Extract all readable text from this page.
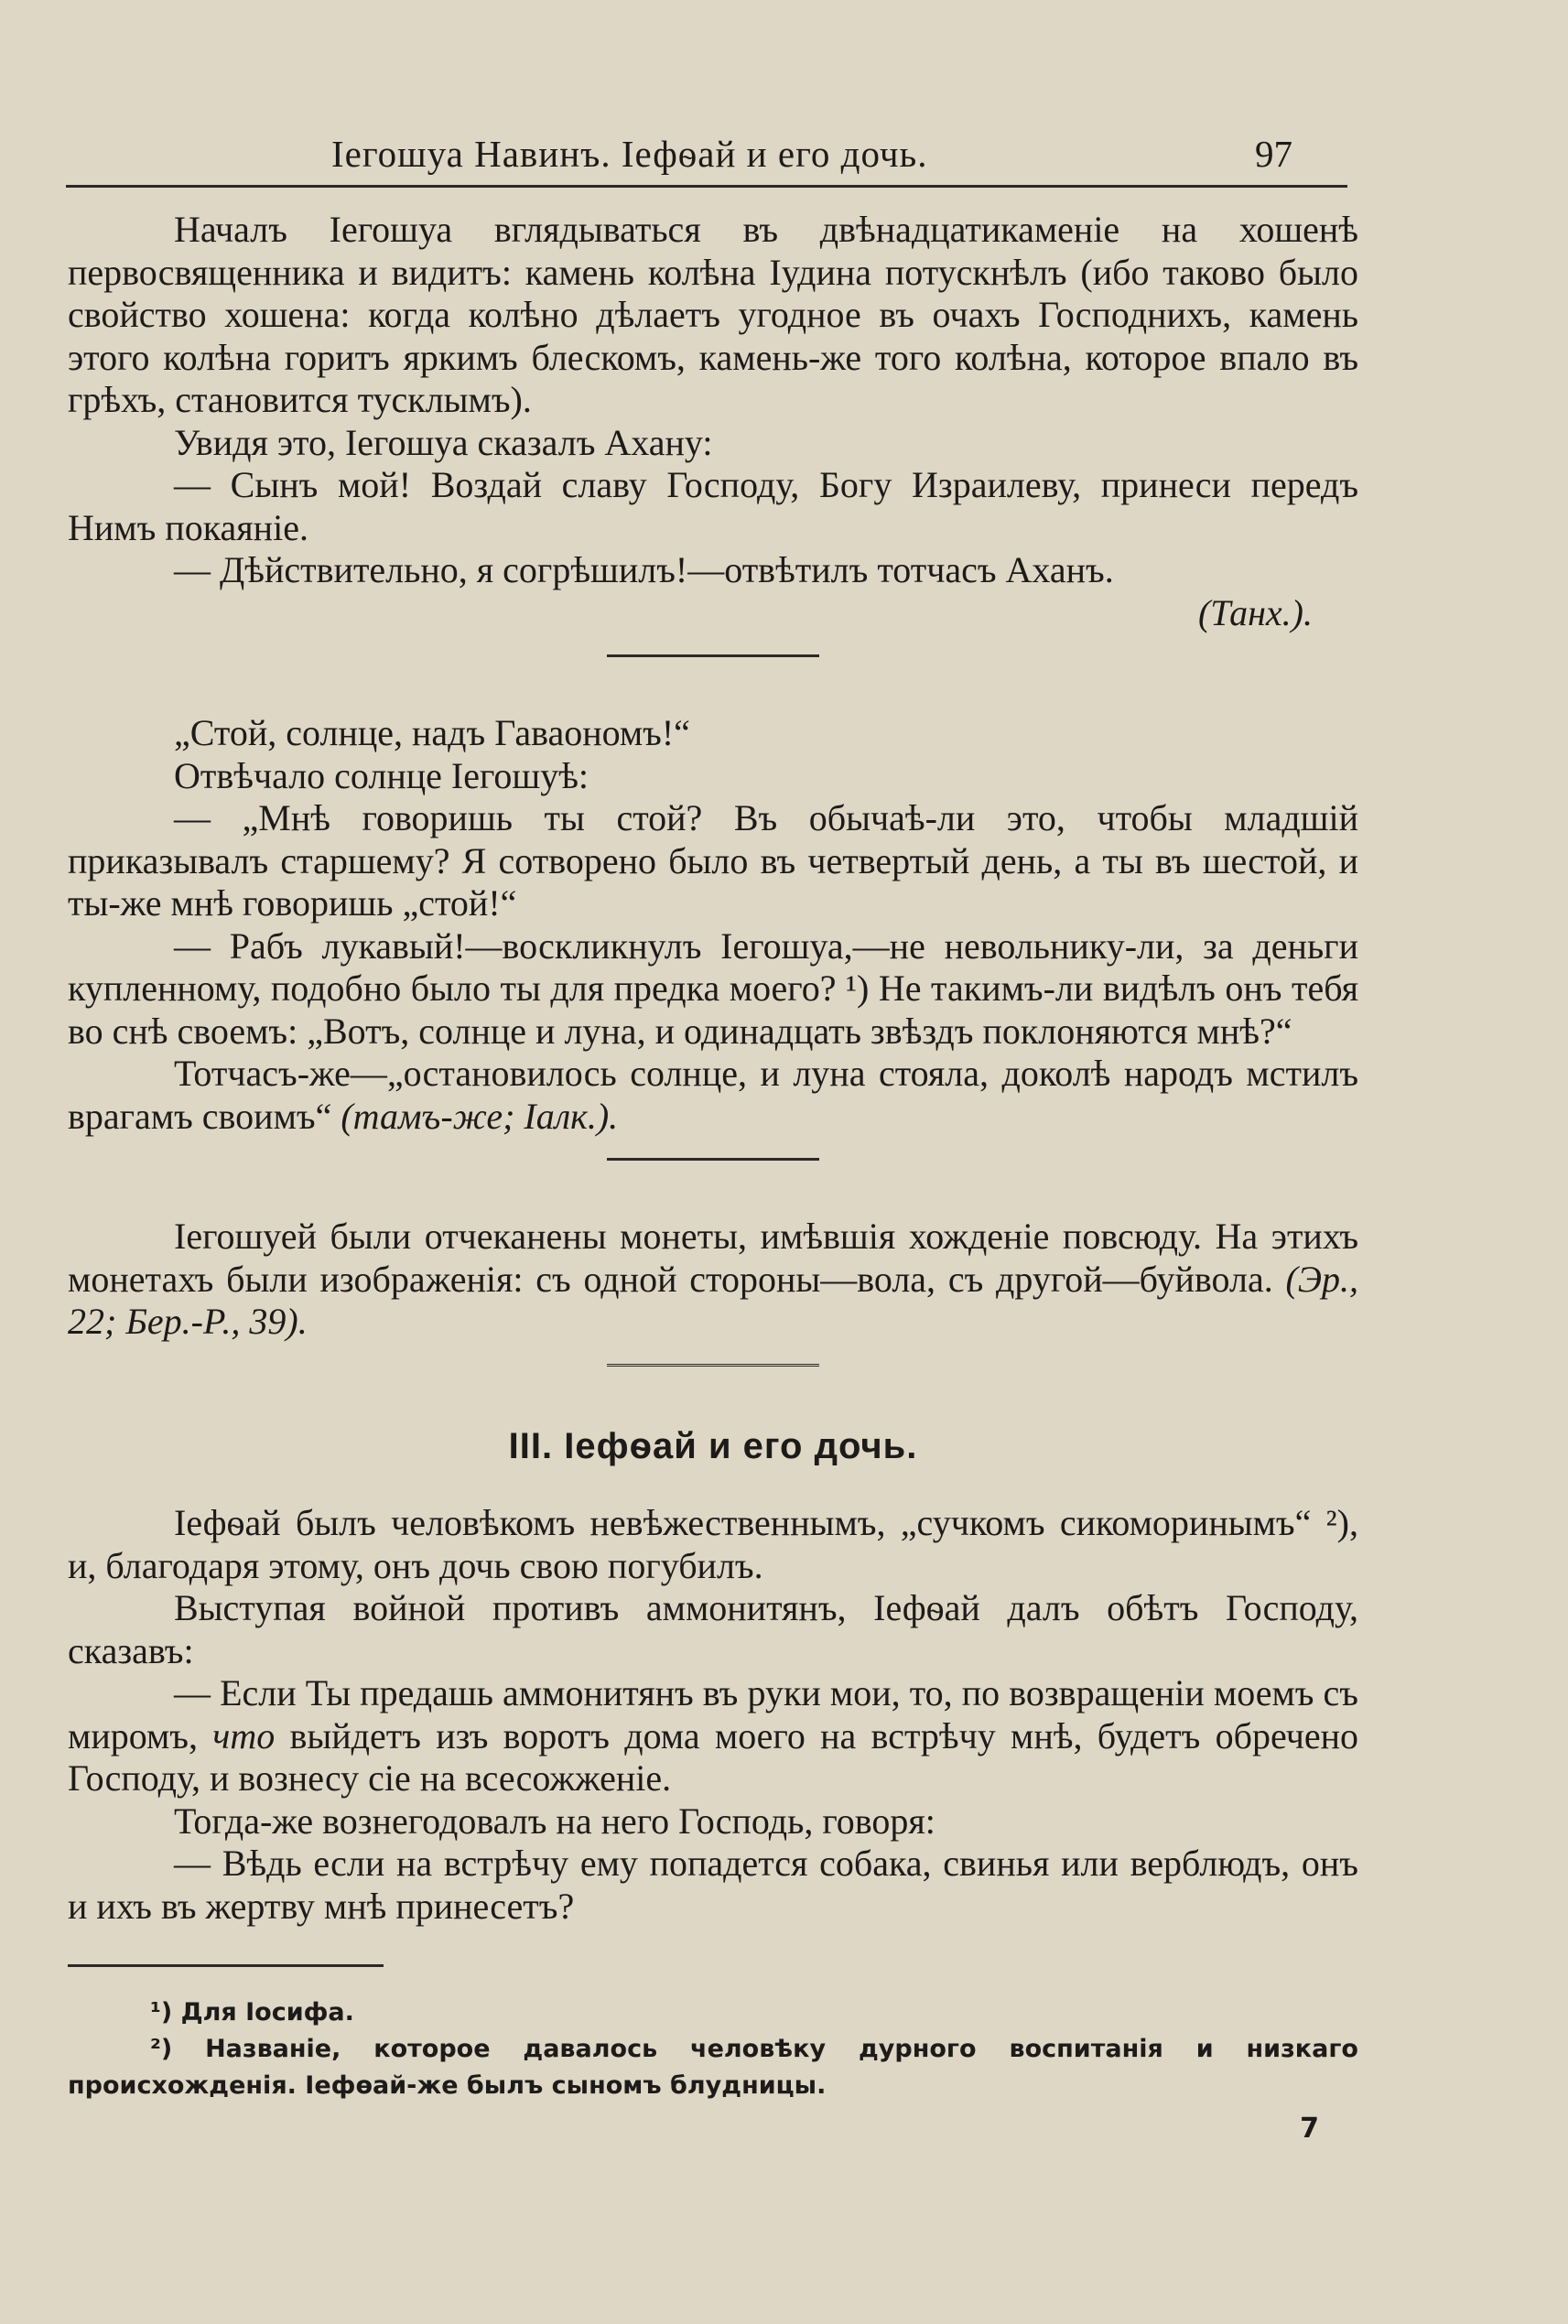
Іегошуа Навинъ. Іефѳай и его дочь.	97

Началъ Іегошуа вглядываться въ двѣнадцатикаменіе на хошенѣ первосвященника и видитъ: камень колѣна Іудина потускнѣлъ (ибо таково было свойство хошена: когда колѣно дѣлаетъ угодное въ очахъ Господнихъ, камень этого колѣна горитъ яркимъ блескомъ, камень-же того колѣна, которое впало въ грѣхъ, становится тусклымъ).

Увидя это, Іегошуа сказалъ Ахану:

— Сынъ мой! Воздай славу Господу, Богу Израилеву, принеси передъ Нимъ покаяніе.

— Дѣйствительно, я согрѣшилъ!—отвѣтилъ тотчасъ Аханъ.

(Танх.).

„Стой, солнце, надъ Гаваономъ!“

Отвѣчало солнце Іегошуѣ:

— „Мнѣ говоришь ты стой? Въ обычаѣ-ли это, чтобы младшій приказывалъ старшему? Я сотворено было въ четвертый день, а ты въ шестой, и ты-же мнѣ говоришь „стой!“

— Рабъ лукавый!—воскликнулъ Іегошуа,—не невольнику-ли, за деньги купленному, подобно было ты для предка моего? ¹) Не такимъ-ли видѣлъ онъ тебя во снѣ своемъ: „Вотъ, солнце и луна, и одинадцать звѣздъ поклоняются мнѣ?“

Тотчасъ-же—„остановилось солнце, и луна стояла, доколѣ народъ мстилъ врагамъ своимъ“ (тамъ-же; Іалк.).

Іегошуей были отчеканены монеты, имѣвшія хожденіе повсюду. На этихъ монетахъ были изображенія: съ одной стороны—вола, съ другой—буйвола. (Эр., 22; Бер.-Р., 39).

III. Іефѳай и его дочь.

Іефѳай былъ человѣкомъ невѣжественнымъ, „сучкомъ сикоморинымъ“ ²), и, благодаря этому, онъ дочь свою погубилъ.

Выступая войной противъ аммонитянъ, Іефѳай далъ обѣтъ Господу, сказавъ:

— Если Ты предашь аммонитянъ въ руки мои, то, по возвращеніи моемъ съ миромъ, что выйдетъ изъ воротъ дома моего на встрѣчу мнѣ, будетъ обречено Господу, и вознесу сіе на всесожженіе.

Тогда-же вознегодовалъ на него Господь, говоря:

— Вѣдь если на встрѣчу ему попадется собака, свинья или верблюдъ, онъ и ихъ въ жертву мнѣ принесетъ?

¹) Для Іосифа.

²) Названіе, которое давалось человѣку дурного воспитанія и низкаго происхожденія. Іефѳай-же былъ сыномъ блудницы.

7
